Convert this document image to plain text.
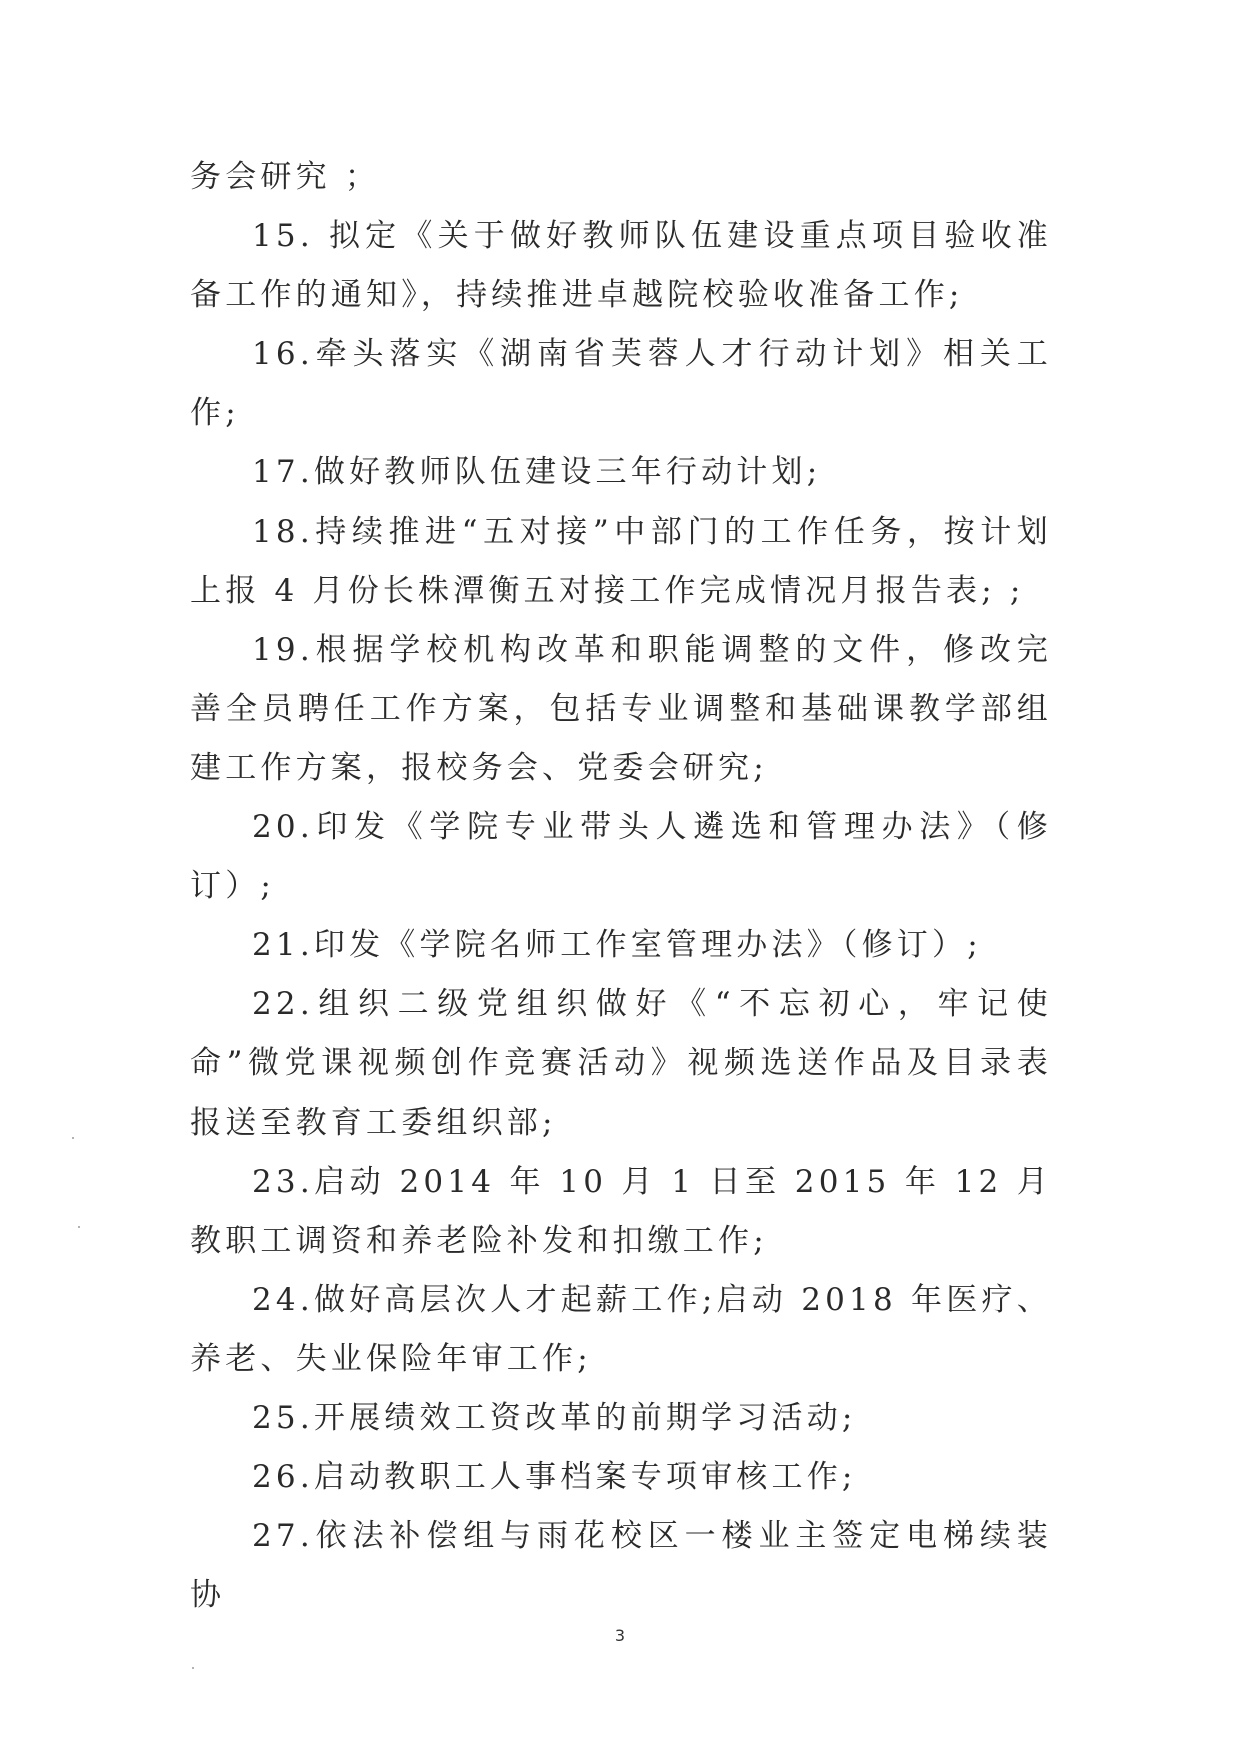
务会研究 ；

15. 拟定《关于做好教师队伍建设重点项目验收准备工作的通知》，持续推进卓越院校验收准备工作;

16.牵头落实《湖南省芙蓉人才行动计划》相关工作;

17.做好教师队伍建设三年行动计划;

18.持续推进“五对接”中部门的工作任务，按计划上报 4 月份长株潭衡五对接工作完成情况月报告表; ;

19.根据学校机构改革和职能调整的文件，修改完善全员聘任工作方案，包括专业调整和基础课教学部组建工作方案，报校务会、党委会研究;

20.印发《学院专业带头人遴选和管理办法》（修订）;

21.印发《学院名师工作室管理办法》（修订）;

22.组织二级党组织做好《“不忘初心，牢记使命”微党课视频创作竞赛活动》视频选送作品及目录表报送至教育工委组织部;

23.启动 2014 年 10 月 1 日至 2015 年 12 月教职工调资和养老险补发和扣缴工作;

24.做好高层次人才起薪工作;启动 2018 年医疗、养老、失业保险年审工作;

25.开展绩效工资改革的前期学习活动;

26.启动教职工人事档案专项审核工作;

27.依法补偿组与雨花校区一楼业主签定电梯续装协

3
